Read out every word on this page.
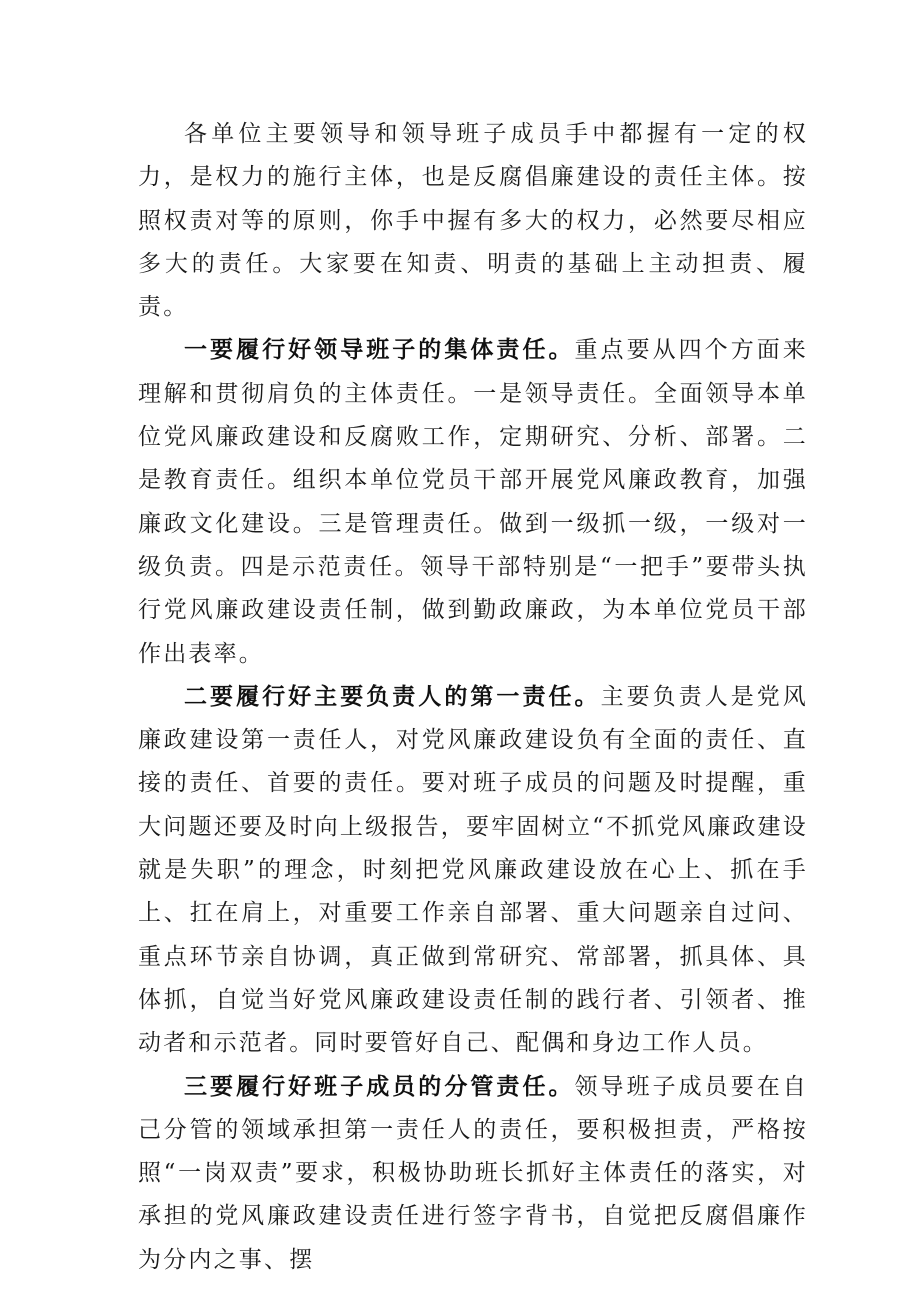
各单位主要领导和领导班子成员手中都握有一定的权力，是权力的施行主体，也是反腐倡廉建设的责任主体。按照权责对等的原则，你手中握有多大的权力，必然要尽相应多大的责任。大家要在知责、明责的基础上主动担责、履责。

一要履行好领导班子的集体责任。重点要从四个方面来理解和贯彻肩负的主体责任。一是领导责任。全面领导本单位党风廉政建设和反腐败工作，定期研究、分析、部署。二是教育责任。组织本单位党员干部开展党风廉政教育，加强廉政文化建设。三是管理责任。做到一级抓一级，一级对一级负责。四是示范责任。领导干部特别是“一把手”要带头执行党风廉政建设责任制，做到勤政廉政，为本单位党员干部作出表率。

二要履行好主要负责人的第一责任。主要负责人是党风廉政建设第一责任人，对党风廉政建设负有全面的责任、直接的责任、首要的责任。要对班子成员的问题及时提醒，重大问题还要及时向上级报告，要牢固树立“不抓党风廉政建设就是失职”的理念，时刻把党风廉政建设放在心上、抓在手上、扛在肩上，对重要工作亲自部署、重大问题亲自过问、重点环节亲自协调，真正做到常研究、常部署，抓具体、具体抓，自觉当好党风廉政建设责任制的践行者、引领者、推动者和示范者。同时要管好自己、配偶和身边工作人员。

三要履行好班子成员的分管责任。领导班子成员要在自己分管的领域承担第一责任人的责任，要积极担责，严格按照“一岗双责”要求，积极协助班长抓好主体责任的落实，对承担的党风廉政建设责任进行签字背书，自觉把反腐倡廉作为分内之事、摆
